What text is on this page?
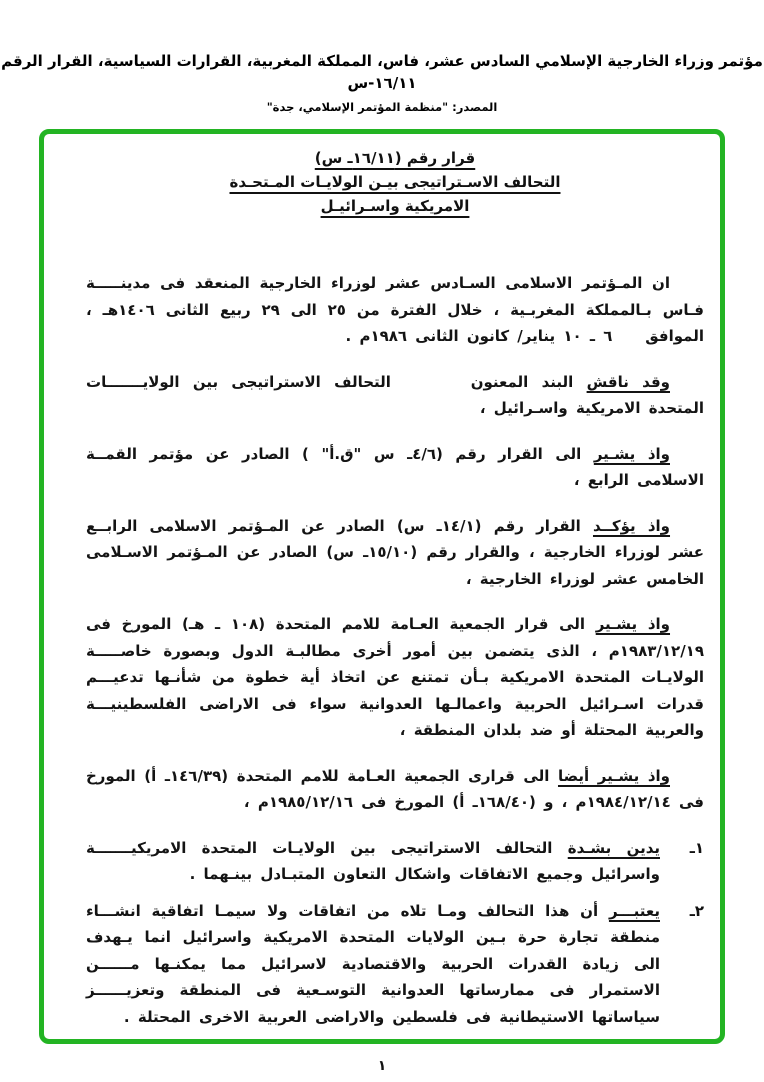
مؤتمر وزراء الخارجية الإسلامي السادس عشر، فاس، المملكة المغربية، القرارات السياسية، القرار الرقم ١٦/١١-س
المصدر: "منظمة المؤتمر الإسلامي، جدة"
قرار رقم (١٦/١١ـ س)
التحالف الاسـتراتيجى بيـن الولايـات المـتحـدة
الامريكية واسـرائيـل

ان المـؤتمر الاسلامى السـادس عشر لوزراء الخارجية المنعقد فى مدينـــــة فـاس بـالمملكة المغربـية ، خلال الفترة من ٢٥ الى ٢٩ ربيع الثانى ١٤٠٦هـ ، الموافق    ٦ ـ ١٠ يناير/ كانون الثانى ١٩٨٦م .

وقد ناقش البند المعنون      التحالف الاستراتيجى بين الولايـــــــات المتحدة الامريكية واسـرائيل ،

واذ يشـير الى القرار رقم (٤/٦ـ س "ق.أ" ) الصادر عن مؤتمر القمــة الاسلامى الرابع ،

واذ يؤكــد القرار رقم (١٤/١ـ س) الصادر عن المـؤتمر الاسلامى الرابــع عشر لوزراء الخارجية ، والقرار رقم (١٥/١٠ـ س) الصادر عن المـؤتمر الاسـلامى الخامس عشر لوزراء الخارجية ،

واذ يشـير الى قرار الجمعية العـامة للامم المتحدة (١٠٨ ـ هـ) المورخ فى ١٩٨٣/١٢/١٩م ، الذى يتضمن بين أمور أخرى مطالبـة الدول وبصورة خاصـــــة الولايـات المتحدة الامريكية بـأن تمتنع عن اتخاذ أية خطوة من شأنـها تدعيـــم قدرات اسـرائيل الحربية واعمالـها العدوانية سواء فى الاراضى الفلسطينيـــة والعربية المحتلة أو ضد بلدان المنطقة ،

واذ يشـير أيضا الى قرارى الجمعية العـامة للامم المتحدة (١٤٦/٣٩ـ أ) المورخ فى ١٩٨٤/١٢/١٤م ، و (١٦٨/٤٠ـ أ) المورخ فى ١٩٨٥/١٢/١٦م ،

١ـ
يدين بشـدة التحالف الاستراتيجى بين الولايـات المتحدة الامريكيـــــــة واسرائيل وجميع الاتفاقات واشكال التعاون المتبـادل بينـهما .
٢ـ
يعتبـــر أن هذا التحالف ومـا تلاه من اتفاقات ولا سيمـا اتفاقية انشـــاء منطقة تجارة حرة بـين الولايات المتحدة الامريكية واسرائيل انما يـهدف الى زيادة القدرات الحربية والاقتصادية لاسرائيل مما يمكنـها مــــــن الاستمرار فى ممارساتها العدوانية التوسـعية فى المنطقة وتعزيــــــز سياساتها الاستيطانية فى فلسطين والاراضى العربية الاخرى المحتلة .
١
